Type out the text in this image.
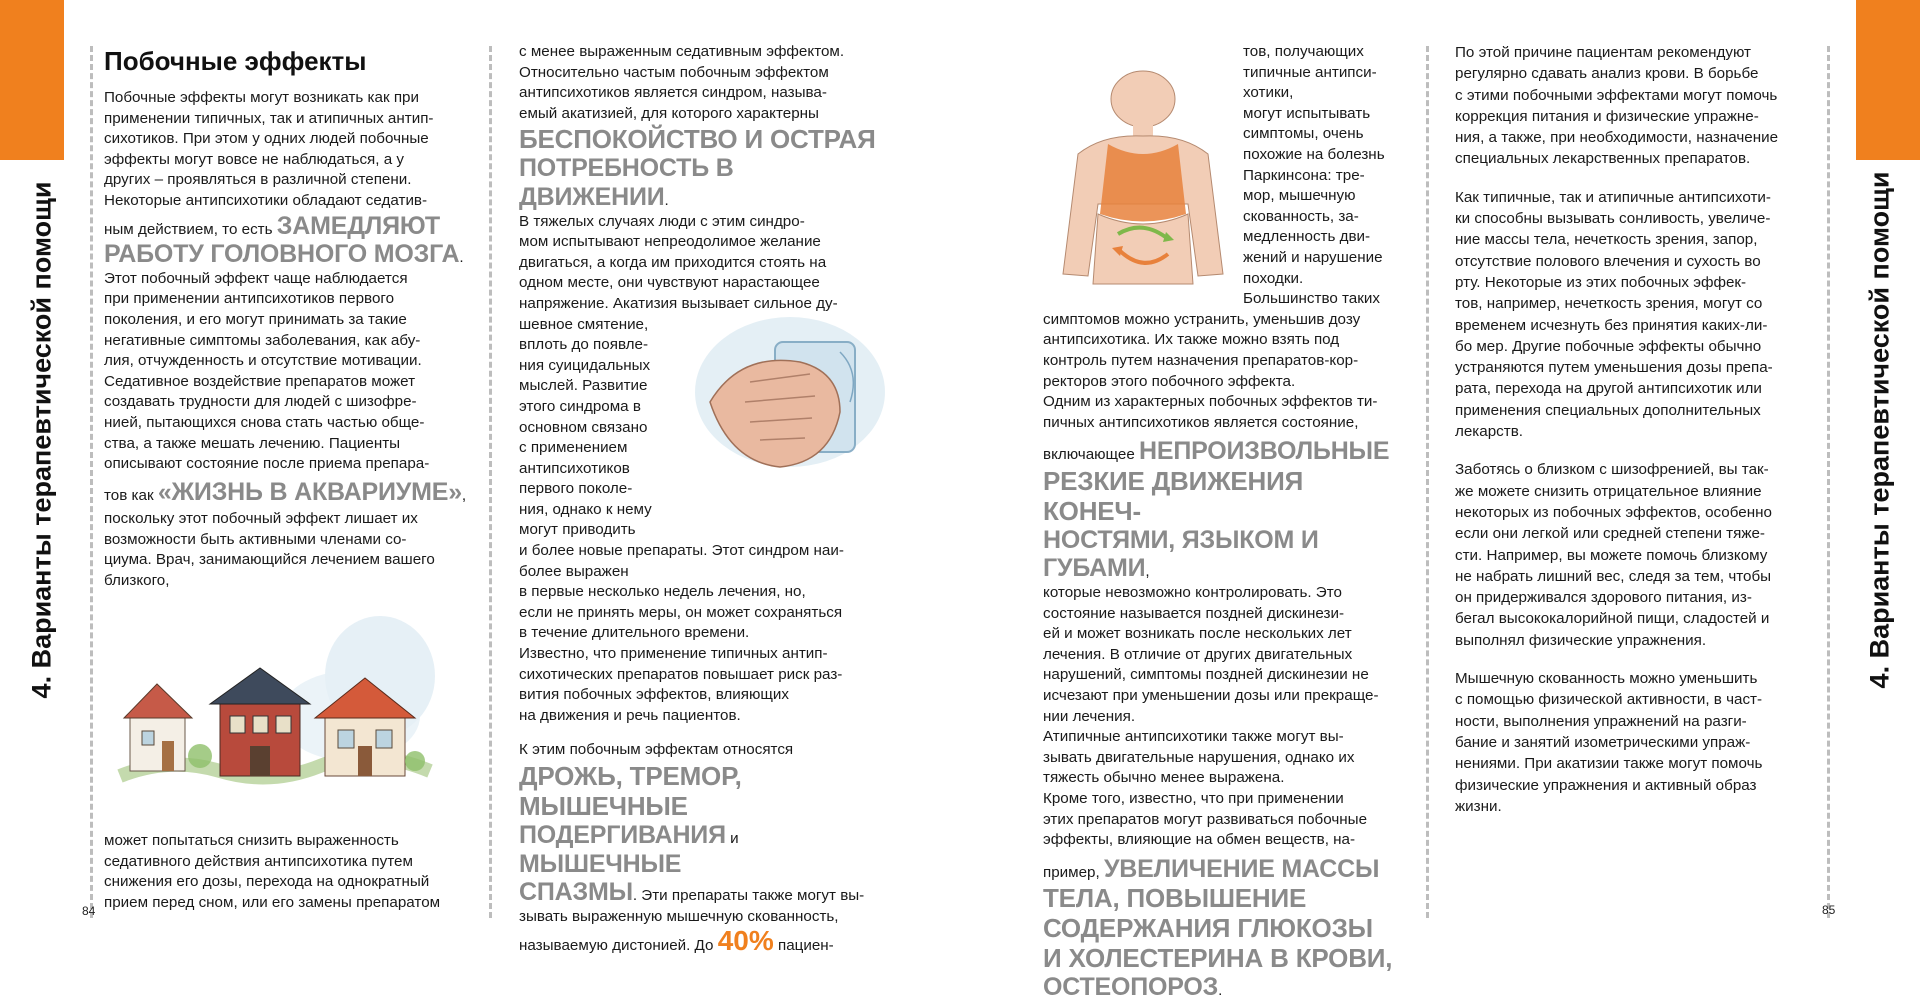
4. Варианты терапевтической помощи	4. Варианты терапевтической помощи
84	85
Побочные эффекты

Побочные эффекты могут возникать как при

применении типичных, так и атипичных антип-

сихотиков. При этом у одних людей побочные

эффекты могут вовсе не наблюдаться, а у

других – проявляться в различной степени.

Некоторые антипсихотики обладают седатив-

ным действием, то есть ЗАМЕДЛЯЮТ

РАБОТУ ГОЛОВНОГО МОЗГА.

Этот побочный эффект чаще наблюдается

при применении антипсихотиков первого

поколения, и его могут принимать за такие

негативные симптомы заболевания, как абу-

лия, отчужденность и отсутствие мотивации.

Седативное воздействие препаратов может

создавать трудности для людей с шизофре-

нией, пытающихся снова стать частью обще-

ства, а также мешать лечению. Пациенты

описывают состояние после приема препара-

тов как «ЖИЗНЬ В АКВАРИУМЕ»,

поскольку этот побочный эффект лишает их

возможности быть активными членами со-

циума. Врач, занимающийся лечением вашего

близкого,

может попытаться снизить выраженность

седативного действия антипсихотика путем

снижения его дозы, перехода на однократный

прием перед сном, или его замены препаратом

с менее выраженным седативным эффектом.

Относительно частым побочным эффектом

антипсихотиков является синдром, называ-

емый акатизией, для которого характерны

БЕСПОКОЙСТВО И ОСТРАЯ

ПОТРЕБНОСТЬ В ДВИЖЕНИИ.

В тяжелых случаях люди с этим синдро-

мом испытывают непреодолимое желание

двигаться, а когда им приходится стоять на

одном месте, они чувствуют нарастающее

напряжение. Акатизия вызывает сильное ду-

шевное смятение,

вплоть до появле-

ния суицидальных

мыслей. Развитие

этого синдрома в

основном связано

с применением

антипсихотиков

первого поколе-

ния, однако к нему

могут приводить

и более новые препараты. Этот синдром наи-

более выражен

в первые несколько недель лечения, но,

если не принять меры, он может сохраняться

в течение длительного времени.

Известно, что применение типичных антип-

сихотических препаратов повышает риск раз-

вития побочных эффектов, влияющих

на движения и речь пациентов.

К этим побочным эффектам относятся

ДРОЖЬ, ТРЕМОР, МЫШЕЧНЫЕ

ПОДЕРГИВАНИЯ и МЫШЕЧНЫЕ

СПАЗМЫ. Эти препараты также могут вы-

зывать выраженную мышечную скованность,

называемую дистонией. До 40% пациен-

тов, получающих

типичные антипси-

хотики,

могут испытывать

симптомы, очень

похожие на болезнь

Паркинсона: тре-

мор, мышечную

скованность, за-

медленность дви-

жений и нарушение

походки.

Большинство таких

симптомов можно устранить, уменьшив дозу

антипсихотика. Их также можно взять под

контроль путем назначения препаратов-кор-

ректоров этого побочного эффекта.

Одним из характерных побочных эффектов ти-

пичных антипсихотиков является состояние,

включающее НЕПРОИЗВОЛЬНЫЕ

РЕЗКИЕ ДВИЖЕНИЯ КОНЕЧ-

НОСТЯМИ, ЯЗЫКОМ И ГУБАМИ,

которые невозможно контролировать. Это

состояние называется поздней дискинези-

ей и может возникать после нескольких лет

лечения. В отличие от других двигательных

нарушений, симптомы поздней дискинезии не

исчезают при уменьшении дозы или прекраще-

нии лечения.

Атипичные антипсихотики также могут вы-

зывать двигательные нарушения, однако их

тяжесть обычно менее выражена.

Кроме того, известно, что при применении

этих препаратов могут развиваться побочные

эффекты, влияющие на обмен веществ, на-

пример, УВЕЛИЧЕНИЕ МАССЫ

ТЕЛА, ПОВЫШЕНИЕ
СОДЕРЖАНИЯ ГЛЮКОЗЫ
И ХОЛЕСТЕРИНА В КРОВИ,

ОСТЕОПОРОЗ.

По этой причине пациентам рекомендуют

регулярно сдавать анализ крови. В борьбе

с этими побочными эффектами могут помочь

коррекция питания и физические упражне-

ния, а также, при необходимости, назначение

специальных лекарственных препаратов.

Как типичные, так и атипичные антипсихоти-

ки способны вызывать сонливость, увеличе-

ние массы тела, нечеткость зрения, запор,

отсутствие полового влечения и сухость во

рту. Некоторые из этих побочных эффек-

тов, например, нечеткость зрения, могут со

временем исчезнуть без принятия каких-ли-

бо мер. Другие побочные эффекты обычно

устраняются путем уменьшения дозы препа-

рата, перехода на другой антипсихотик или

применения специальных дополнительных

лекарств.

Заботясь о близком с шизофренией, вы так-

же можете снизить отрицательное влияние

некоторых из побочных эффектов, особенно

если они легкой или средней степени тяже-

сти. Например, вы можете помочь близкому

не набрать лишний вес, следя за тем, чтобы

он придерживался здорового питания, из-

бегал высококалорийной пищи, сладостей и

выполнял физические упражнения.

Мышечную скованность можно уменьшить

с помощью физической активности, в част-

ности, выполнения упражнений на разги-

бание и занятий изометрическими упраж-

нениями. При акатизии также могут помочь

физические упражнения и активный образ

жизни.
